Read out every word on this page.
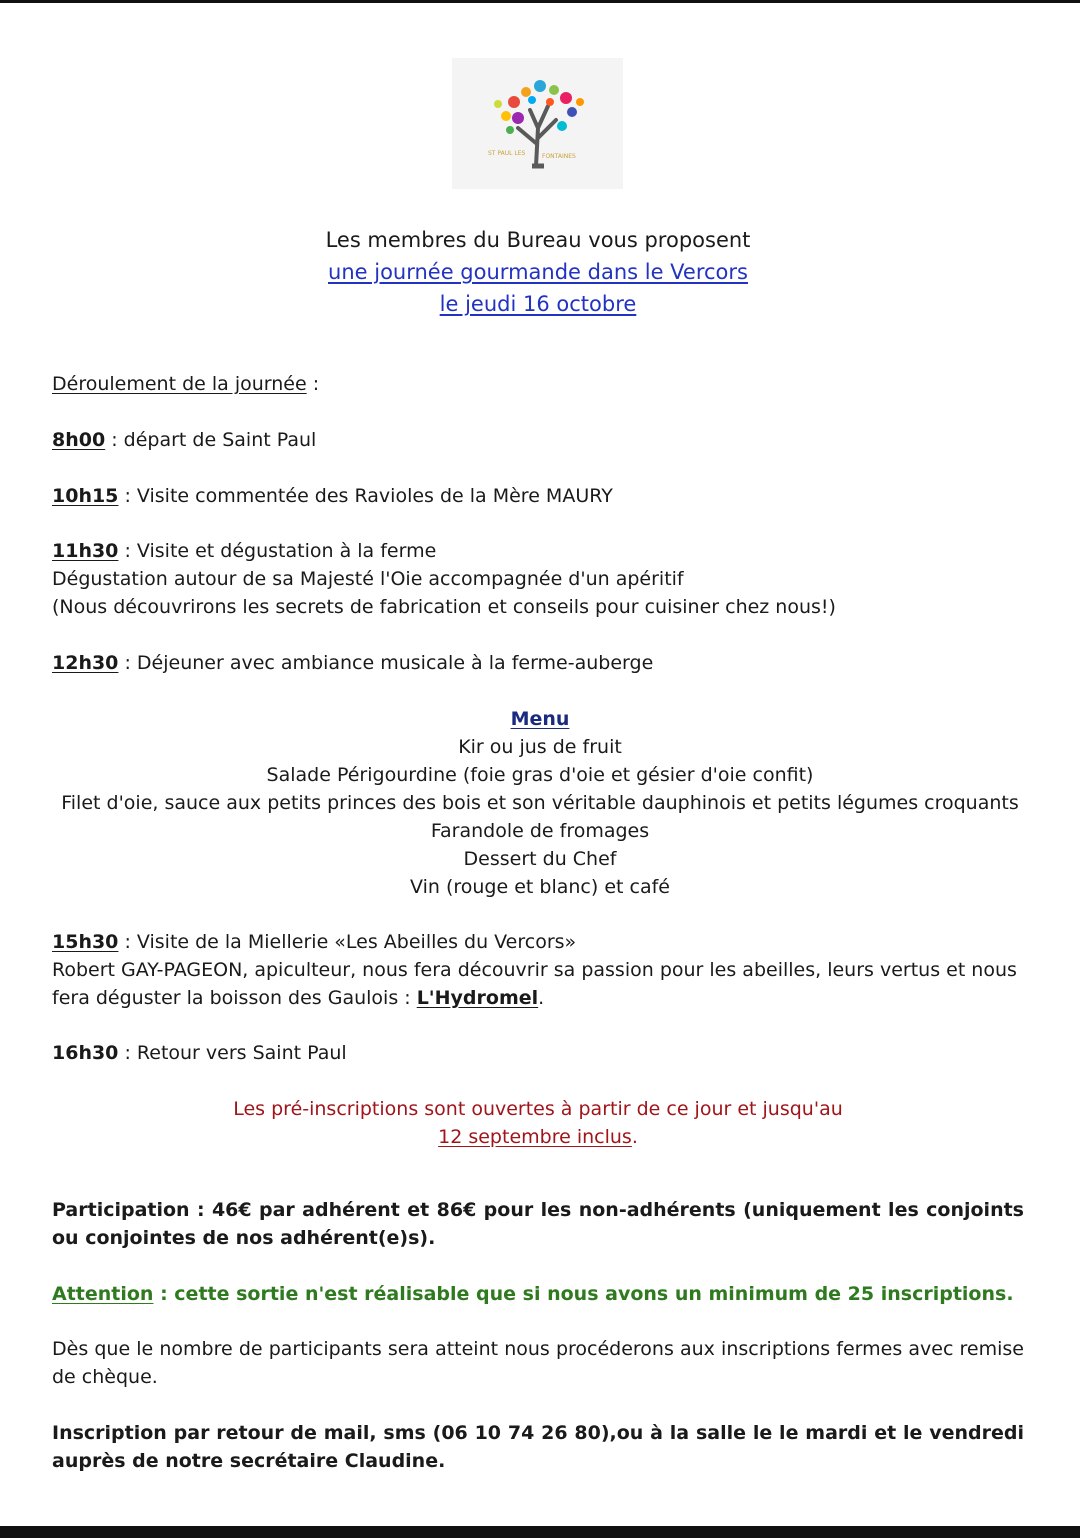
ST PAUL LES	FONTAINES
Les membres du Bureau vous proposent
une journée gourmande dans le Vercors
le jeudi 16 octobre
Déroulement de la journée :
8h00 : départ de Saint Paul
10h15 : Visite commentée des Ravioles de la Mère MAURY
11h30 : Visite et dégustation à la ferme
Dégustation autour de sa Majesté l'Oie accompagnée d'un apéritif
(Nous découvrirons les secrets de fabrication et conseils pour cuisiner chez nous!)
12h30 : Déjeuner avec ambiance musicale à la ferme-auberge
Menu
Kir ou jus de fruit
Salade Périgourdine (foie gras d'oie et gésier d'oie confit)
Filet d'oie, sauce aux petits princes des bois et son véritable dauphinois et petits légumes croquants
Farandole de fromages
Dessert du Chef
Vin (rouge et blanc) et café
15h30 : Visite de la Miellerie «Les Abeilles du Vercors»
Robert GAY-PAGEON, apiculteur, nous fera découvrir sa passion pour les abeilles, leurs vertus et nous
fera déguster la boisson des Gaulois : L'Hydromel.
16h30 : Retour vers Saint Paul
Les pré-inscriptions sont ouvertes à partir de ce jour et jusqu'au
12 septembre inclus.
Participation : 46€ par adhérent et 86€ pour les non-adhérents (uniquement les conjoints ou conjointes de nos adhérent(e)s).
Attention : cette sortie n'est réalisable que si nous avons un minimum de 25 inscriptions.
Dès que le nombre de participants sera atteint nous procéderons aux inscriptions fermes avec remise de chèque.
Inscription par retour de mail, sms (06 10 74 26 80),ou à la salle le le mardi et le vendredi auprès de notre secrétaire Claudine.
